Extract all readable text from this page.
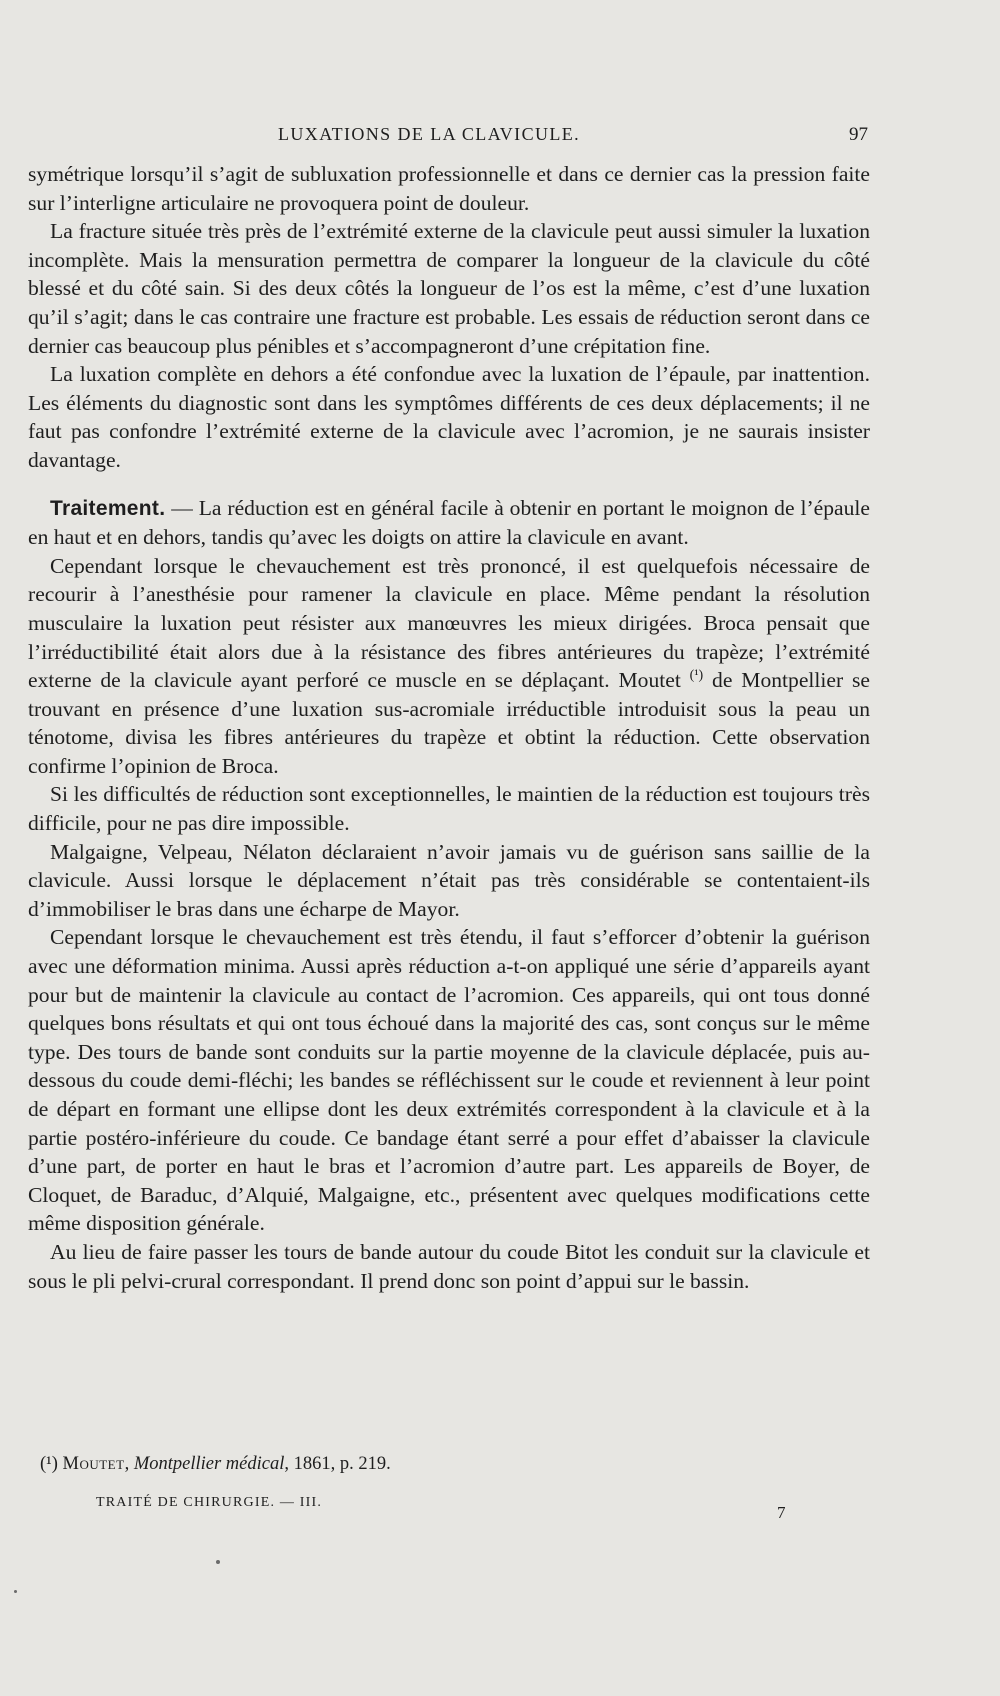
LUXATIONS DE LA CLAVICULE.	97

symétrique lorsqu’il s’agit de subluxation professionnelle et dans ce dernier cas la pression faite sur l’interligne articulaire ne provoquera point de douleur.

La fracture située très près de l’extrémité externe de la clavicule peut aussi simuler la luxation incomplète. Mais la mensuration permettra de comparer la longueur de la clavicule du côté blessé et du côté sain. Si des deux côtés la longueur de l’os est la même, c’est d’une luxation qu’il s’agit; dans le cas contraire une fracture est probable. Les essais de réduction seront dans ce dernier cas beaucoup plus pénibles et s’accompagneront d’une crépitation fine.

La luxation complète en dehors a été confondue avec la luxation de l’épaule, par inattention. Les éléments du diagnostic sont dans les symptômes différents de ces deux déplacements; il ne faut pas confondre l’extrémité externe de la clavicule avec l’acromion, je ne saurais insister davantage.

Traitement. — La réduction est en général facile à obtenir en portant le moignon de l’épaule en haut et en dehors, tandis qu’avec les doigts on attire la clavicule en avant.

Cependant lorsque le chevauchement est très prononcé, il est quelquefois nécessaire de recourir à l’anesthésie pour ramener la clavicule en place. Même pendant la résolution musculaire la luxation peut résister aux manœuvres les mieux dirigées. Broca pensait que l’irréductibilité était alors due à la résistance des fibres antérieures du trapèze; l’extrémité externe de la clavicule ayant perforé ce muscle en se déplaçant. Moutet $^{(^1)}$ de Montpellier se trouvant en présence d’une luxation sus-acromiale irréductible introduisit sous la peau un ténotome, divisa les fibres antérieures du trapèze et obtint la réduction. Cette observation confirme l’opinion de Broca.

Si les difficultés de réduction sont exceptionnelles, le maintien de la réduction est toujours très difficile, pour ne pas dire impossible.

Malgaigne, Velpeau, Nélaton déclaraient n’avoir jamais vu de guérison sans saillie de la clavicule. Aussi lorsque le déplacement n’était pas très considérable se contentaient-ils d’immobiliser le bras dans une écharpe de Mayor.

Cependant lorsque le chevauchement est très étendu, il faut s’efforcer d’obtenir la guérison avec une déformation minima. Aussi après réduction a-t-on appliqué une série d’appareils ayant pour but de maintenir la clavicule au contact de l’acromion. Ces appareils, qui ont tous donné quelques bons résultats et qui ont tous échoué dans la majorité des cas, sont conçus sur le même type. Des tours de bande sont conduits sur la partie moyenne de la clavicule déplacée, puis au-dessous du coude demi-fléchi; les bandes se réfléchissent sur le coude et reviennent à leur point de départ en formant une ellipse dont les deux extrémités correspondent à la clavicule et à la partie postéro-inférieure du coude. Ce bandage étant serré a pour effet d’abaisser la clavicule d’une part, de porter en haut le bras et l’acromion d’autre part. Les appareils de Boyer, de Cloquet, de Baraduc, d’Alquié, Malgaigne, etc., présentent avec quelques modifications cette même disposition générale.

Au lieu de faire passer les tours de bande autour du coude Bitot les conduit sur la clavicule et sous le pli pelvi-crural correspondant. Il prend donc son point d’appui sur le bassin.

(¹) Moutet, Montpellier médical, 1861, p. 219.
TRAITÉ DE CHIRURGIE. — III.
7
